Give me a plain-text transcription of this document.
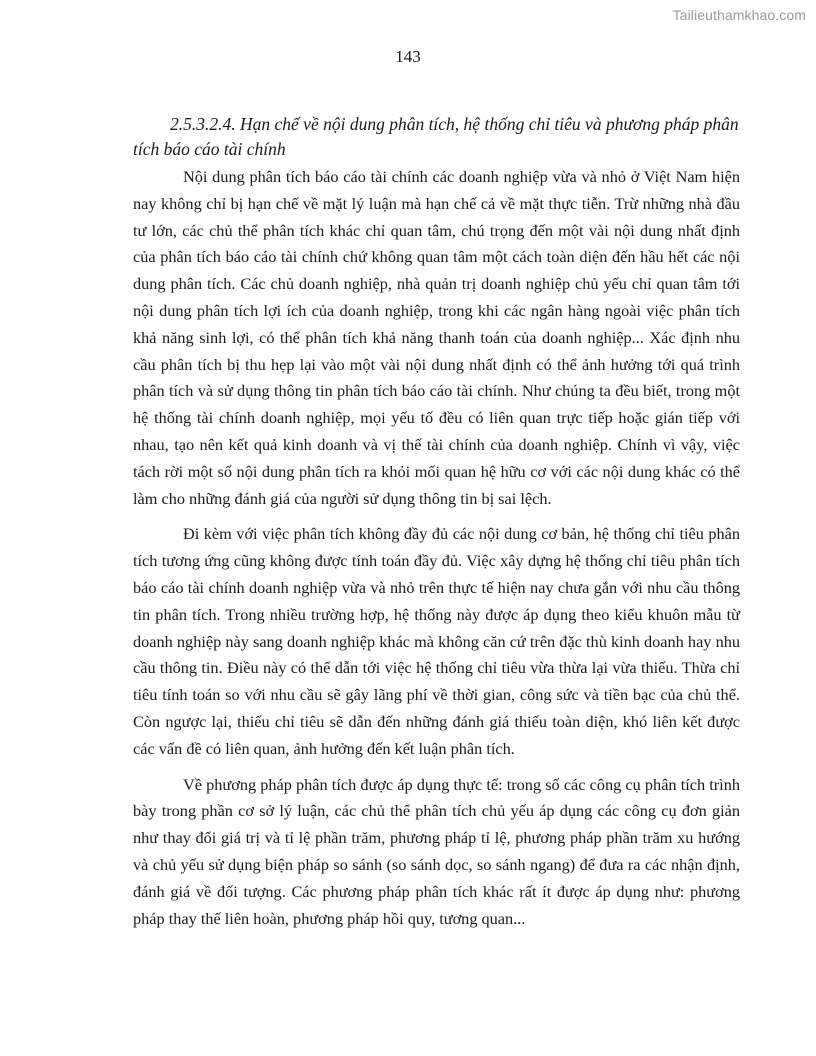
Tailieuthamkhao.com
143

2.5.3.2.4. Hạn chế về nội dung phân tích, hệ thống chỉ tiêu và phương pháp phân tích báo cáo tài chính

Nội dung phân tích báo cáo tài chính các doanh nghiệp vừa và nhỏ ở Việt Nam hiện nay không chỉ bị hạn chế về mặt lý luận mà hạn chế cả về mặt thực tiễn. Trừ những nhà đầu tư lớn, các chủ thể phân tích khác chỉ quan tâm, chú trọng đến một vài nội dung nhất định của phân tích báo cáo tài chính chứ không quan tâm một cách toàn diện đến hầu hết các nội dung phân tích. Các chủ doanh nghiệp, nhà quản trị doanh nghiệp chủ yếu chỉ quan tâm tới nội dung phân tích lợi ích của doanh nghiệp, trong khi các ngân hàng ngoài việc phân tích khả năng sinh lợi, có thể phân tích khả năng thanh toán của doanh nghiệp... Xác định nhu cầu phân tích bị thu hẹp lại vào một vài nội dung nhất định có thể ảnh hưởng tới quá trình phân tích và sử dụng thông tin phân tích báo cáo tài chính. Như chúng ta đều biết, trong một hệ thống tài chính doanh nghiệp, mọi yếu tố đều có liên quan trực tiếp hoặc gián tiếp với nhau, tạo nên kết quả kinh doanh và vị thế tài chính của doanh nghiệp. Chính vì vậy, việc tách rời một số nội dung phân tích ra khỏi mối quan hệ hữu cơ với các nội dung khác có thể làm cho những đánh giá của người sử dụng thông tin bị sai lệch.

Đi kèm với việc phân tích không đầy đủ các nội dung cơ bản, hệ thống chỉ tiêu phân tích tương ứng cũng không được tính toán đầy đủ. Việc xây dựng hệ thống chỉ tiêu phân tích báo cáo tài chính doanh nghiệp vừa và nhỏ trên thực tế hiện nay chưa gắn với nhu cầu thông tin phân tích. Trong nhiều trường hợp, hệ thống này được áp dụng theo kiểu khuôn mẫu từ doanh nghiệp này sang doanh nghiệp khác mà không căn cứ trên đặc thù kinh doanh hay nhu cầu thông tin. Điều này có thể dẫn tới việc hệ thống chỉ tiêu vừa thừa lại vừa thiếu. Thừa chỉ tiêu tính toán so với nhu cầu sẽ gây lãng phí về thời gian, công sức và tiền bạc của chủ thể. Còn ngược lại, thiếu chỉ tiêu sẽ dẫn đến những đánh giá thiếu toàn diện, khó liên kết được các vấn đề có liên quan, ảnh hưởng đến kết luận phân tích.

Về phương pháp phân tích được áp dụng thực tế: trong số các công cụ phân tích trình bày trong phần cơ sở lý luận, các chủ thể phân tích chủ yếu áp dụng các công cụ đơn giản như thay đổi giá trị và tỉ lệ phần trăm, phương pháp tỉ lệ, phương pháp phần trăm xu hướng và chủ yếu sử dụng biện pháp so sánh (so sánh dọc, so sánh ngang) để đưa ra các nhận định, đánh giá về đối tượng. Các phương pháp phân tích khác rất ít được áp dụng như: phương pháp thay thế liên hoàn, phương pháp hồi quy, tương quan...
